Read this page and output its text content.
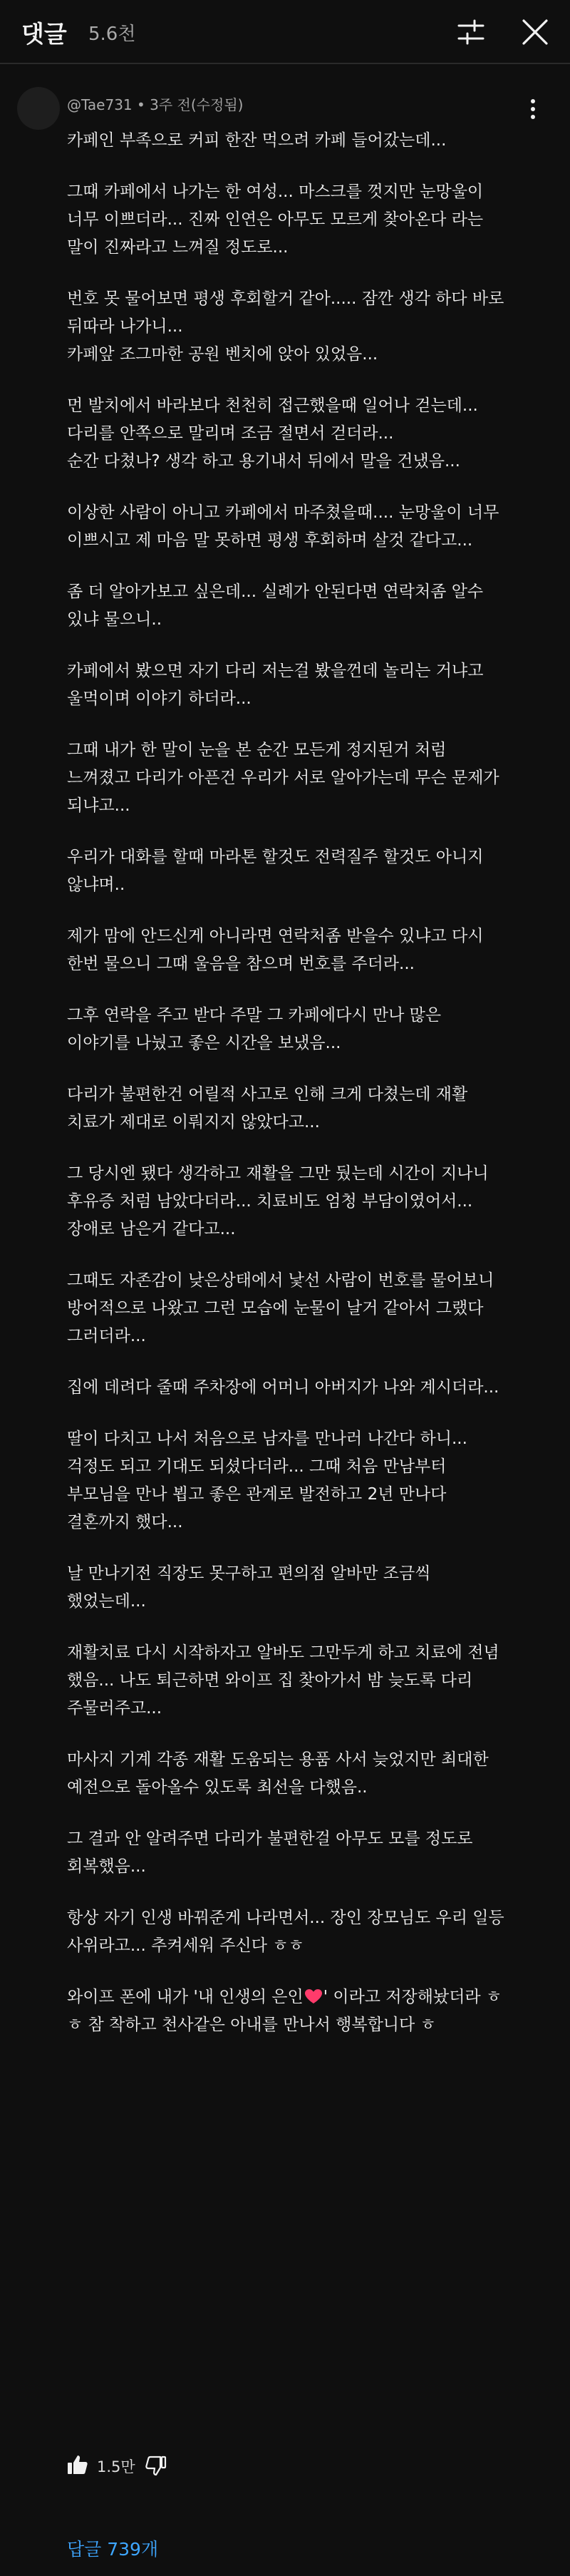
댓글 5.6천
@Tae731 • 3주 전(수정됨)

카페인 부족으로 커피 한잔 먹으려 카페 들어갔는데...

그때 카페에서 나가는 한 여성... 마스크를 껏지만 눈망울이
너무 이쁘더라... 진짜 인연은 아무도 모르게 찾아온다 라는
말이 진짜라고 느껴질 정도로...

번호 못 물어보면 평생 후회할거 같아..... 잠깐 생각 하다 바로
뒤따라 나가니...
카페앞 조그마한 공원 벤치에 앉아 있었음...

먼 발치에서 바라보다 천천히 접근했을때 일어나 걷는데...
다리를 안쪽으로 말리며 조금 절면서 걷더라...
순간 다쳤나? 생각 하고 용기내서 뒤에서 말을 건냈음...

이상한 사람이 아니고 카페에서 마주쳤을때.... 눈망울이 너무
이쁘시고 제 마음 말 못하면 평생 후회하며 살것 같다고...

좀 더 알아가보고 싶은데... 실례가 안된다면 연락처좀 알수
있냐 물으니..

카페에서 봤으면 자기 다리 저는걸 봤을껀데 놀리는 거냐고
울먹이며 이야기 하더라...

그때 내가 한 말이 눈을 본 순간 모든게 정지된거 처럼
느껴졌고 다리가 아픈건 우리가 서로 알아가는데 무슨 문제가
되냐고...

우리가 대화를 할때 마라톤 할것도 전력질주 할것도 아니지
않냐며..

제가 맘에 안드신게 아니라면 연락처좀 받을수 있냐고 다시
한번 물으니 그때 울음을 참으며 번호를 주더라...

그후 연락을 주고 받다 주말 그 카페에다시 만나 많은
이야기를 나눴고 좋은 시간을 보냈음...

다리가 불편한건 어릴적 사고로 인해 크게 다쳤는데 재활
치료가 제대로 이뤄지지 않았다고...

그 당시엔 됐다 생각하고 재활을 그만 뒀는데 시간이 지나니
후유증 처럼 남았다더라... 치료비도 엄청 부담이였어서...
장애로 남은거 같다고...

그때도 자존감이 낮은상태에서 낯선 사람이 번호를 물어보니
방어적으로 나왔고 그런 모습에 눈물이 날거 같아서 그랬다
그러더라...

집에 데려다 줄때 주차장에 어머니 아버지가 나와 계시더라...

딸이 다치고 나서 처음으로 남자를 만나러 나간다 하니...
걱정도 되고 기대도 되셨다더라... 그때 처음 만남부터
부모님을 만나 뵙고 좋은 관계로 발전하고 2년 만나다
결혼까지 했다...

날 만나기전 직장도 못구하고 편의점 알바만 조금씩
했었는데...

재활치료 다시 시작하자고 알바도 그만두게 하고 치료에 전념
했음... 나도 퇴근하면 와이프 집 찾아가서 밤 늦도록 다리
주물러주고...

마사지 기계 각종 재활 도움되는 용품 사서 늦었지만 최대한
예전으로 돌아올수 있도록 최선을 다했음..

그 결과 안 알려주면 다리가 불편한걸 아무도 모를 정도로
회복했음...

항상 자기 인생 바꿔준게 나라면서... 장인 장모님도 우리 일등
사위라고... 추켜세워 주신다 ㅎㅎ

와이프 폰에 내가 '내 인생의 은인 ' 이라고 저장해놨더라 ㅎ
ㅎ 참 착하고 천사같은 아내를 만나서 행복합니다 ㅎ

1.5만
답글 739개
